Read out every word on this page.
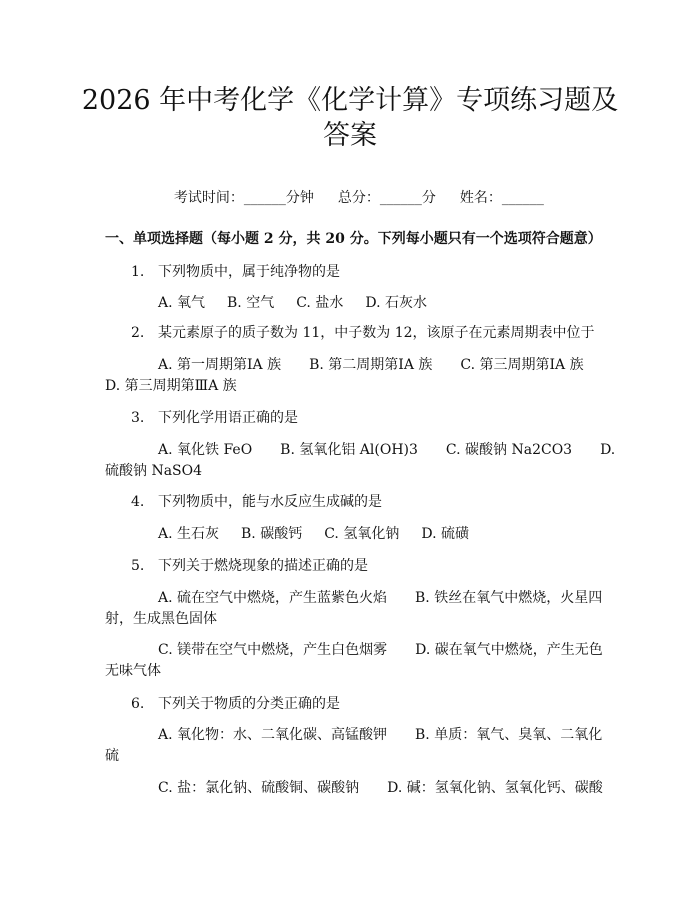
2026 年中考化学《化学计算》专项练习题及
答案

考试时间：______分钟 总分：______分 姓名：______

一、单项选择题（每小题 2 分，共 20 分。下列每小题只有一个选项符合题意）
1. 下列物质中，属于纯净物的是
A. 氧气 B. 空气 C. 盐水 D. 石灰水
2. 某元素原子的质子数为 11，中子数为 12，该原子在元素周期表中位于
A. 第一周期第ⅠA 族　　B. 第二周期第ⅠA 族　　C. 第三周期第ⅠA 族
D. 第三周期第ⅢA 族
3. 下列化学用语正确的是
A. 氧化铁 FeO　　B. 氢氧化铝 Al(OH)3　　C. 碳酸钠 Na2CO3　　D.
硫酸钠 NaSO4
4. 下列物质中，能与水反应生成碱的是
A. 生石灰 B. 碳酸钙 C. 氢氧化钠 D. 硫磺
5. 下列关于燃烧现象的描述正确的是
A. 硫在空气中燃烧，产生蓝紫色火焰　　B. 铁丝在氧气中燃烧，火星四
射，生成黑色固体
C. 镁带在空气中燃烧，产生白色烟雾　　D. 碳在氧气中燃烧，产生无色
无味气体
6. 下列关于物质的分类正确的是
A. 氧化物：水、二氧化碳、高锰酸钾　　B. 单质：氧气、臭氧、二氧化
硫
C. 盐：氯化钠、硫酸铜、碳酸钠　　D. 碱：氢氧化钠、氢氧化钙、碳酸
